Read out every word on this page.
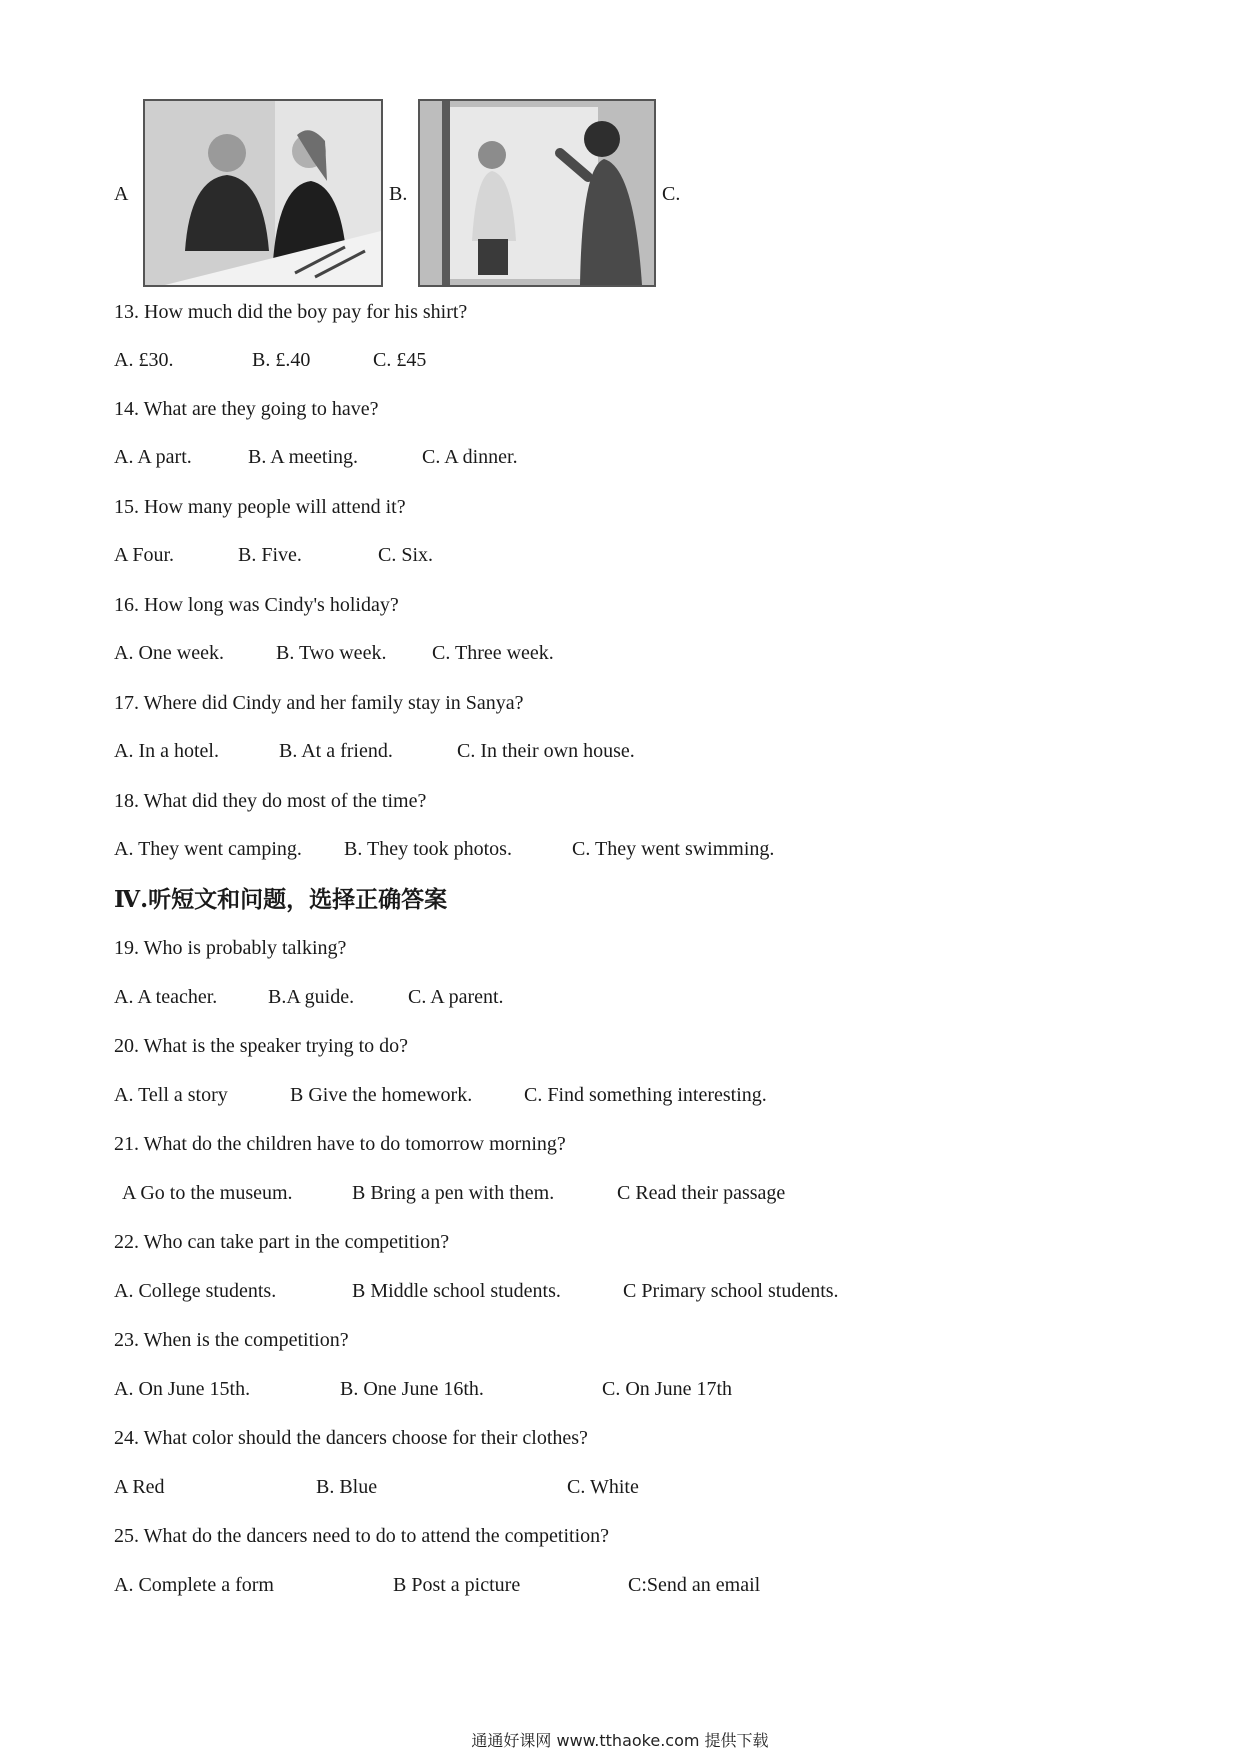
A	B.	C.
13. How much did the boy pay for his shirt?
A. £30.	B. £.40	C. £45
14. What are they going to have?
A. A part.	B. A meeting.	C. A dinner.
15. How many people will attend it?
A Four.	B. Five.	C. Six.
16. How long was Cindy's holiday?
A. One week.	B. Two week. C. Three week.
17. Where did Cindy and her family stay in Sanya?
A. In a hotel.	B. At a friend.	C. In their own house.
18. What did they do most of the time?
A. They went camping. B. They took photos.	C. They went swimming.
Ⅳ.听短文和问题，选择正确答案
19. Who is probably talking?
A. A teacher.	B.A guide.	C. A parent.
20. What is the speaker trying to do?
A. Tell a story	B Give the homework.	C. Find something interesting.
21. What do the children have to do tomorrow morning?
A Go to the museum.	B Bring a pen with them.	C Read their passage
22. Who can take part in the competition?
A. College students.	B Middle school students.	C Primary school students.
23. When is the competition?
A. On June 15th.	B. One June 16th.	C. On June 17th
24. What color should the dancers choose for their clothes?
A Red	B. Blue	C. White
25. What do the dancers need to do to attend the competition?
A. Complete a form	B Post a picture	C:Send an email
通通好课网 www.tthaoke.com 提供下载
